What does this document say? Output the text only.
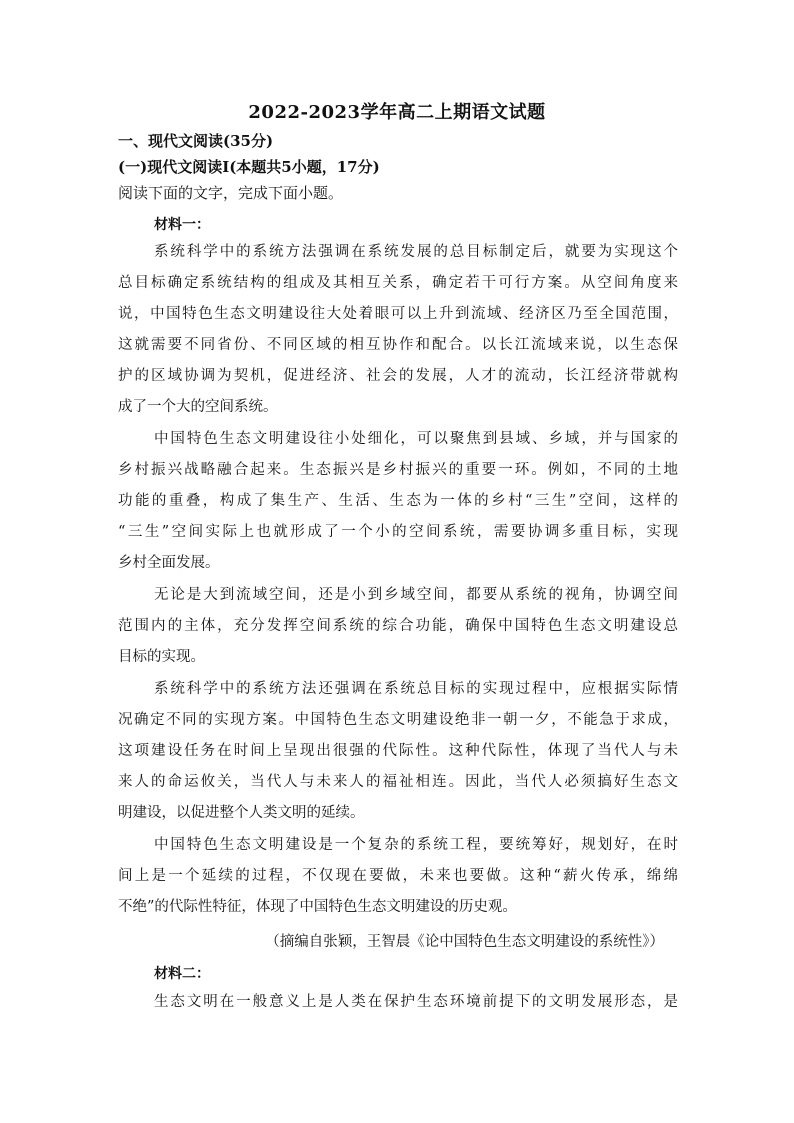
2022-2023学年高二上期语文试题
一、现代文阅读(35分)
(一)现代文阅读I(本题共5小题，17分)
阅读下面的文字，完成下面小题。
材料一：
系统科学中的系统方法强调在系统发展的总目标制定后，就要为实现这个
总目标确定系统结构的组成及其相互关系，确定若干可行方案。从空间角度来
说，中国特色生态文明建设往大处着眼可以上升到流域、经济区乃至全国范围，
这就需要不同省份、不同区域的相互协作和配合。以长江流域来说，以生态保
护的区域协调为契机，促进经济、社会的发展，人才的流动，长江经济带就构
成了一个大的空间系统。
中国特色生态文明建设往小处细化，可以聚焦到县域、乡域，并与国家的
乡村振兴战略融合起来。生态振兴是乡村振兴的重要一环。例如，不同的土地
功能的重叠，构成了集生产、生活、生态为一体的乡村“三生”空间，这样的
“三生”空间实际上也就形成了一个小的空间系统，需要协调多重目标，实现
乡村全面发展。
无论是大到流域空间，还是小到乡域空间，都要从系统的视角，协调空间
范围内的主体，充分发挥空间系统的综合功能，确保中国特色生态文明建设总
目标的实现。
系统科学中的系统方法还强调在系统总目标的实现过程中，应根据实际情
况确定不同的实现方案。中国特色生态文明建设绝非一朝一夕，不能急于求成，
这项建设任务在时间上呈现出很强的代际性。这种代际性，体现了当代人与未
来人的命运攸关，当代人与未来人的福祉相连。因此，当代人必须搞好生态文
明建设，以促进整个人类文明的延续。
中国特色生态文明建设是一个复杂的系统工程，要统筹好，规划好，在时
间上是一个延续的过程，不仅现在要做，未来也要做。这种“薪火传承，绵绵
不绝”的代际性特征，体现了中国特色生态文明建设的历史观。
（摘编自张颖，王智晨《论中国特色生态文明建设的系统性》）
材料二：
生态文明在一般意义上是人类在保护生态环境前提下的文明发展形态，是
